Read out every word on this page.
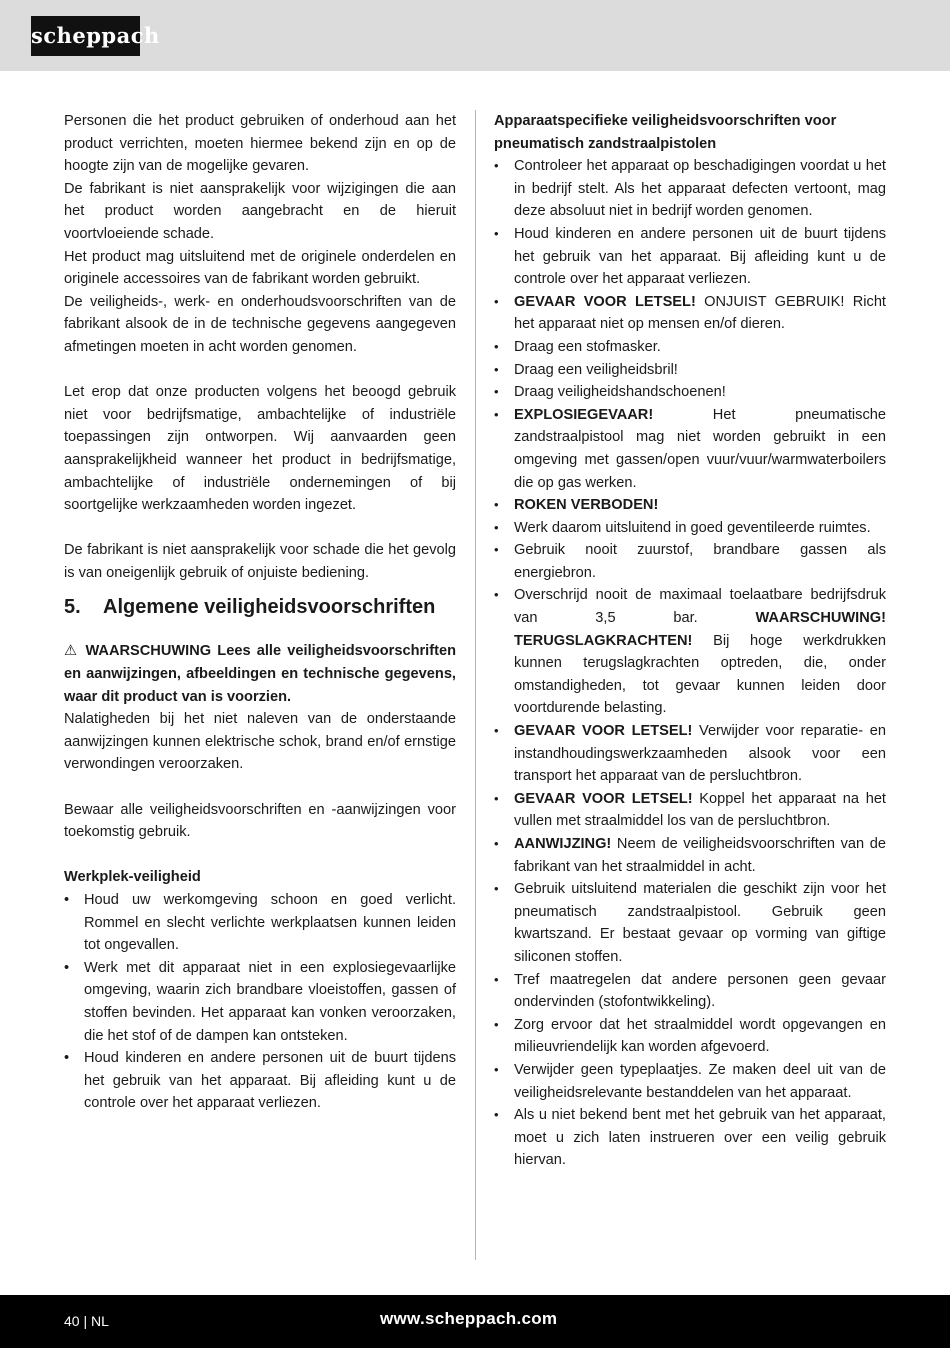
scheppach

Personen die het product gebruiken of onderhoud aan het product verrichten, moeten hiermee bekend zijn en op de hoogte zijn van de mogelijke gevaren.

De fabrikant is niet aansprakelijk voor wijzigingen die aan het product worden aangebracht en de hieruit voortvloeiende schade.

Het product mag uitsluitend met de originele onderdelen en originele accessoires van de fabrikant worden gebruikt.

De veiligheids-, werk- en onderhoudsvoorschriften van de fabrikant alsook de in de technische gegevens aangegeven afmetingen moeten in acht worden genomen.

Let erop dat onze producten volgens het beoogd gebruik niet voor bedrijfsmatige, ambachtelijke of industriële toepassingen zijn ontworpen. Wij aanvaarden geen aansprakelijkheid wanneer het product in bedrijfsmatige, ambachtelijke of industriële ondernemingen of bij soortgelijke werkzaamheden worden ingezet.

De fabrikant is niet aansprakelijk voor schade die het gevolg is van oneigenlijk gebruik of onjuiste bediening.

5.	Algemene veiligheidsvoorschriften

⚠ WAARSCHUWING Lees alle veiligheidsvoorschriften en aanwijzingen, afbeeldingen en technische gegevens, waar dit product van is voorzien.

Nalatigheden bij het niet naleven van de onderstaande aanwijzingen kunnen elektrische schok, brand en/of ernstige verwondingen veroorzaken.

Bewaar alle veiligheidsvoorschriften en -aanwijzingen voor toekomstig gebruik.

Werkplek-veiligheid

•	Houd uw werkomgeving schoon en goed verlicht. Rommel en slecht verlichte werkplaatsen kunnen leiden tot ongevallen.
•	Werk met dit apparaat niet in een explosiegevaarlijke omgeving, waarin zich brandbare vloeistoffen, gassen of stoffen bevinden. Het apparaat kan vonken veroorzaken, die het stof of de dampen kan ontsteken.
•	Houd kinderen en andere personen uit de buurt tijdens het gebruik van het apparaat. Bij afleiding kunt u de controle over het apparaat verliezen.

Apparaatspecifieke veiligheidsvoorschriften voor pneumatisch zandstraalpistolen

•	Controleer het apparaat op beschadigingen voordat u het in bedrijf stelt. Als het apparaat defecten vertoont, mag deze absoluut niet in bedrijf worden genomen.
•	Houd kinderen en andere personen uit de buurt tijdens het gebruik van het apparaat. Bij afleiding kunt u de controle over het apparaat verliezen.
•	GEVAAR VOOR LETSEL! ONJUIST GEBRUIK! Richt het apparaat niet op mensen en/of dieren.
•	Draag een stofmasker.
•	Draag een veiligheidsbril!
•	Draag veiligheidshandschoenen!
•	EXPLOSIEGEVAAR! Het pneumatische zandstraalpistool mag niet worden gebruikt in een omgeving met gassen/open vuur/vuur/warmwaterboilers die op gas werken.
•	ROKEN VERBODEN!
•	Werk daarom uitsluitend in goed geventileerde ruimtes.
•	Gebruik nooit zuurstof, brandbare gassen als energiebron.
•	Overschrijd nooit de maximaal toelaatbare bedrijfsdruk van 3,5 bar. WAARSCHUWING! TERUGSLAGKRACHTEN! Bij hoge werkdrukken kunnen terugslagkrachten optreden, die, onder omstandigheden, tot gevaar kunnen leiden door voortdurende belasting.
•	GEVAAR VOOR LETSEL! Verwijder voor reparatie- en instandhoudingswerkzaamheden alsook voor een transport het apparaat van de persluchtbron.
•	GEVAAR VOOR LETSEL! Koppel het apparaat na het vullen met straalmiddel los van de persluchtbron.
•	AANWIJZING! Neem de veiligheidsvoorschriften van de fabrikant van het straalmiddel in acht.
•	Gebruik uitsluitend materialen die geschikt zijn voor het pneumatisch zandstraalpistool. Gebruik geen kwartszand. Er bestaat gevaar op vorming van giftige siliconen stoffen.
•	Tref maatregelen dat andere personen geen gevaar ondervinden (stofontwikkeling).
•	Zorg ervoor dat het straalmiddel wordt opgevangen en milieuvriendelijk kan worden afgevoerd.
•	Verwijder geen typeplaatjes. Ze maken deel uit van de veiligheidsrelevante bestanddelen van het apparaat.
•	Als u niet bekend bent met het gebruik van het apparaat, moet u zich laten instrueren over een veilig gebruik hiervan.
40 | NL	www.scheppach.com
